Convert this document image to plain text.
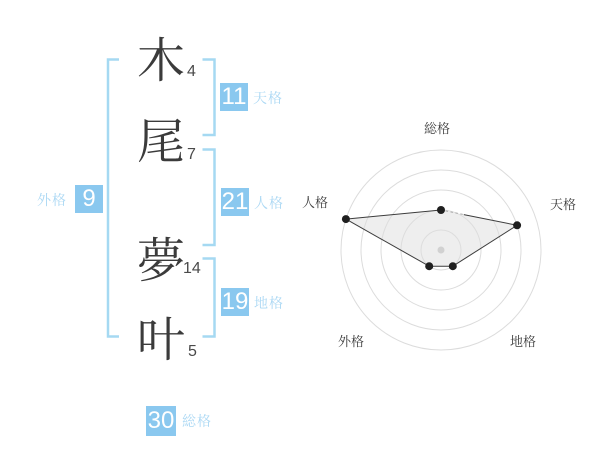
木
尾
夢
叶
4
7
14
5
11 天格
21 人格
19 地格
外格 9
30 総格
総格
天格
地格
外格
人格
